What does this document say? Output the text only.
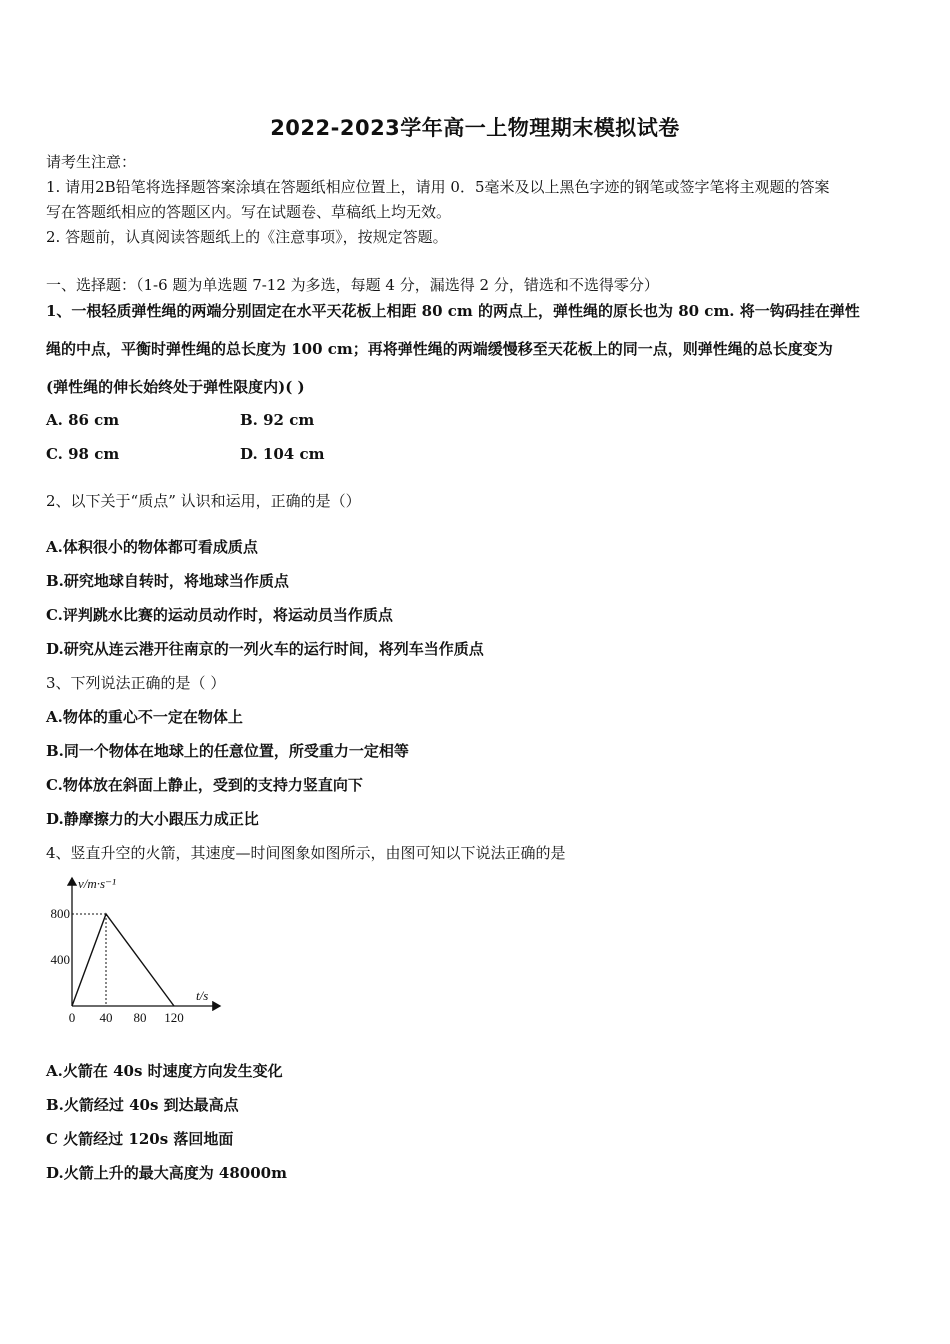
2022-2023学年高一上物理期末模拟试卷
请考生注意：
1. 请用2B铅笔将选择题答案涂填在答题纸相应位置上，请用 0．5毫米及以上黑色字迹的钢笔或签字笔将主观题的答案
写在答题纸相应的答题区内。写在试题卷、草稿纸上均无效。
2. 答题前，认真阅读答题纸上的《注意事项》，按规定答题。
一、选择题：（1-6 题为单选题 7-12 为多选，每题 4 分，漏选得 2 分，错选和不选得零分）
1、一根轻质弹性绳的两端分别固定在水平天花板上相距 80 cm 的两点上，弹性绳的原长也为 80 cm. 将一钩码挂在弹性
绳的中点，平衡时弹性绳的总长度为 100 cm；再将弹性绳的两端缓慢移至天花板上的同一点，则弹性绳的总长度变为
(弹性绳的伸长始终处于弹性限度内)( )
A. 86 cm	B. 92 cm
C. 98 cm	D. 104 cm
2、以下关于“质点” 认识和运用，正确的是（）
A.体积很小的物体都可看成质点
B.研究地球自转时，将地球当作质点
C.评判跳水比赛的运动员动作时，将运动员当作质点
D.研究从连云港开往南京的一列火车的运行时间，将列车当作质点
3、下列说法正确的是（ ）
A.物体的重心不一定在物体上
B.同一个物体在地球上的任意位置，所受重力一定相等
C.物体放在斜面上静止，受到的支持力竖直向下
D.静摩擦力的大小跟压力成正比
4、竖直升空的火箭，其速度—时间图象如图所示，由图可知以下说法正确的是
v/m·s⁻¹
t/s
0 40 80 120
400
800
A.火箭在 40s 时速度方向发生变化
B.火箭经过 40s 到达最高点
C 火箭经过 120s 落回地面
D.火箭上升的最大高度为 48000m
